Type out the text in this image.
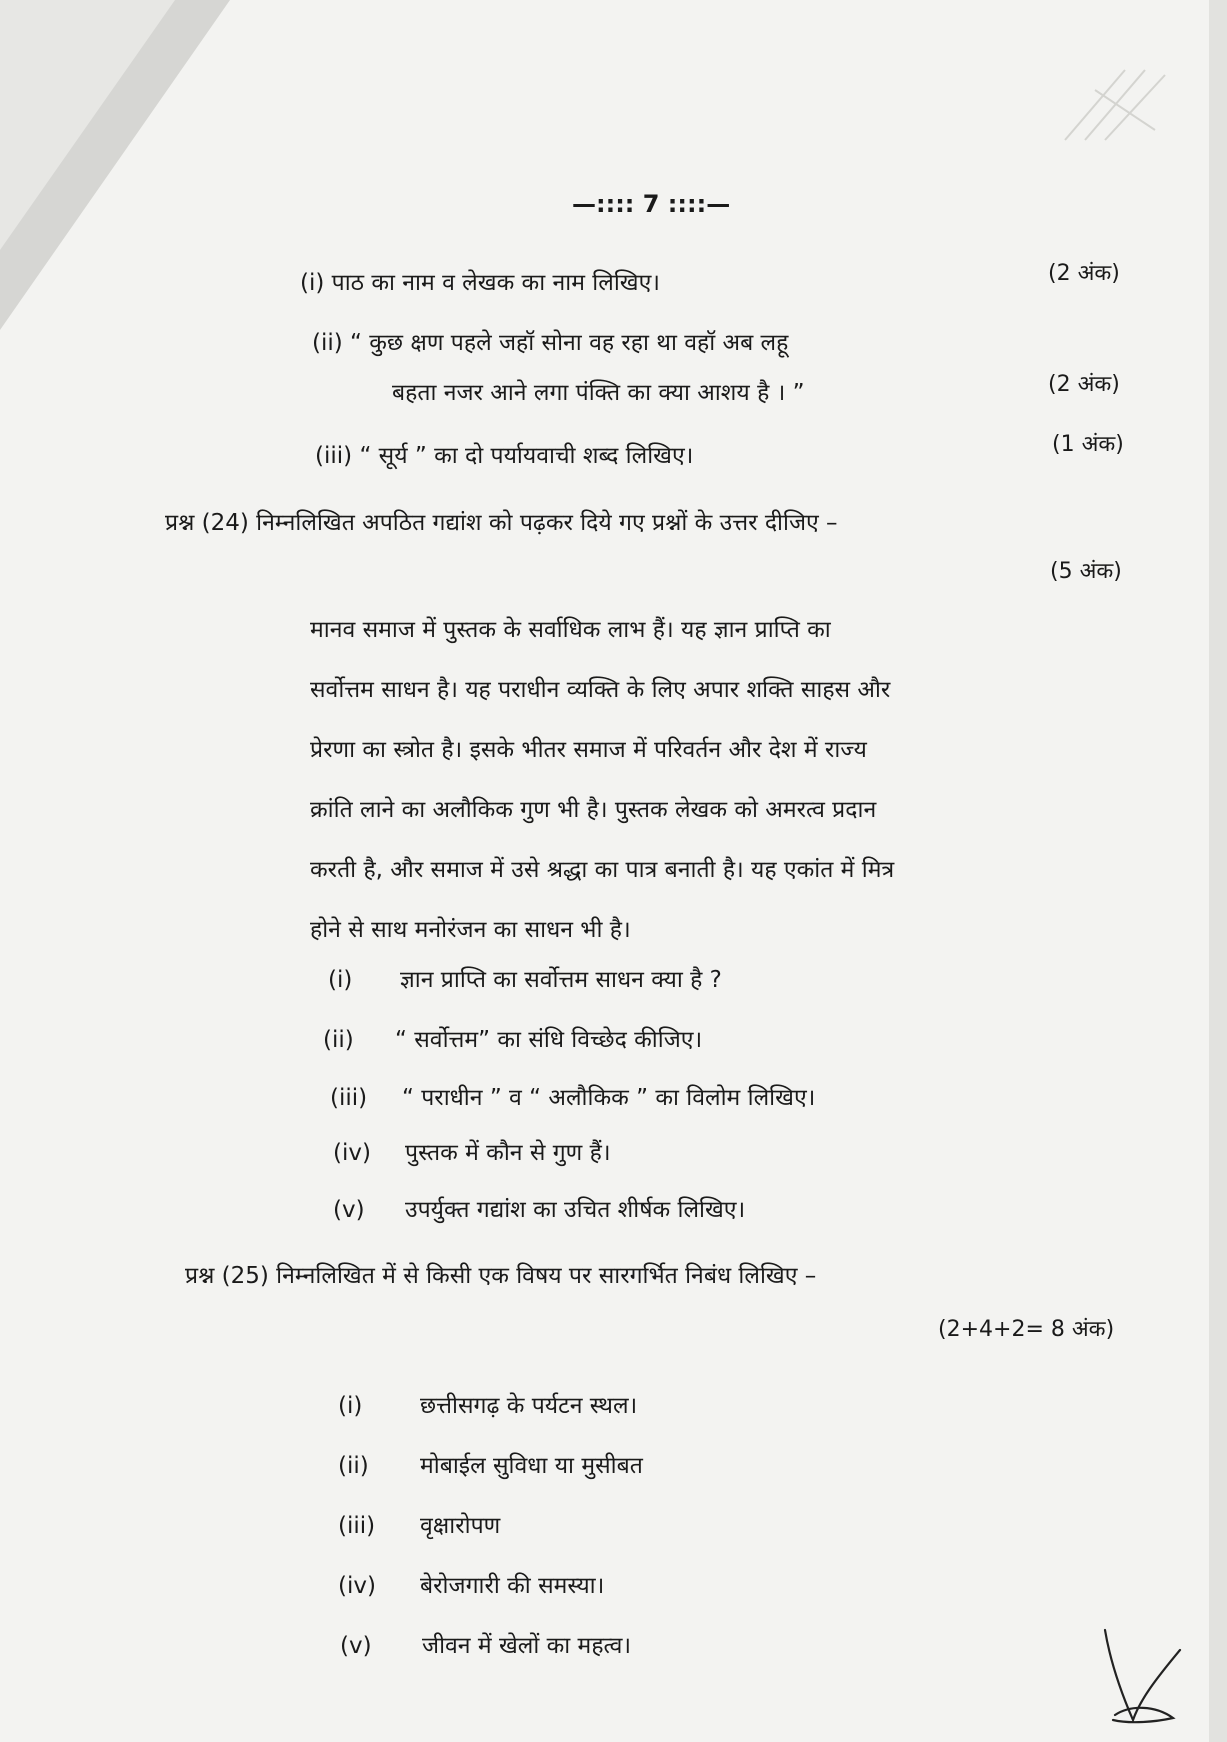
—:::: 7 ::::—
(i) पाठ का नाम व लेखक का नाम लिखिए।	(2 अंक)
(ii) “ कुछ क्षण पहले जहॉ सोना वह रहा था वहॉ अब लहू
बहता नजर आने लगा पंक्ति का क्या आशय है । ”	(2 अंक)
(iii) “ सूर्य ” का दो पर्यायवाची शब्द लिखिए।	(1 अंक)
प्रश्न (24) निम्नलिखित अपठित गद्यांश को पढ़कर दिये गए प्रश्नों के उत्तर दीजिए –
(5 अंक)
मानव समाज में पुस्तक के सर्वाधिक लाभ हैं। यह ज्ञान प्राप्ति का
सर्वोत्तम साधन है। यह पराधीन व्यक्ति के लिए अपार शक्ति साहस और
प्रेरणा का स्त्रोत है। इसके भीतर समाज में परिवर्तन और देश में राज्य
क्रांति लाने का अलौकिक गुण भी है। पुस्तक लेखक को अमरत्व प्रदान
करती है, और समाज में उसे श्रद्धा का पात्र बनाती है। यह एकांत में मित्र
होने से साथ मनोरंजन का साधन भी है।
(i) ज्ञान प्राप्ति का सर्वोत्तम साधन क्या है ?
(ii) “ सर्वोत्तम” का संधि विच्छेद कीजिए।
(iii) “ पराधीन ” व “ अलौकिक ” का विलोम लिखिए।
(iv) पुस्तक में कौन से गुण हैं।
(v) उपर्युक्त गद्यांश का उचित शीर्षक लिखिए।
प्रश्न (25) निम्नलिखित में से किसी एक विषय पर सारगर्भित निबंध लिखिए –
(2+4+2= 8 अंक)
(i)	छत्तीसगढ़ के पर्यटन स्थल।
(ii) मोबाईल सुविधा या मुसीबत
(iii) वृक्षारोपण
(iv) बेरोजगारी की समस्या।
(v) जीवन में खेलों का महत्व।
